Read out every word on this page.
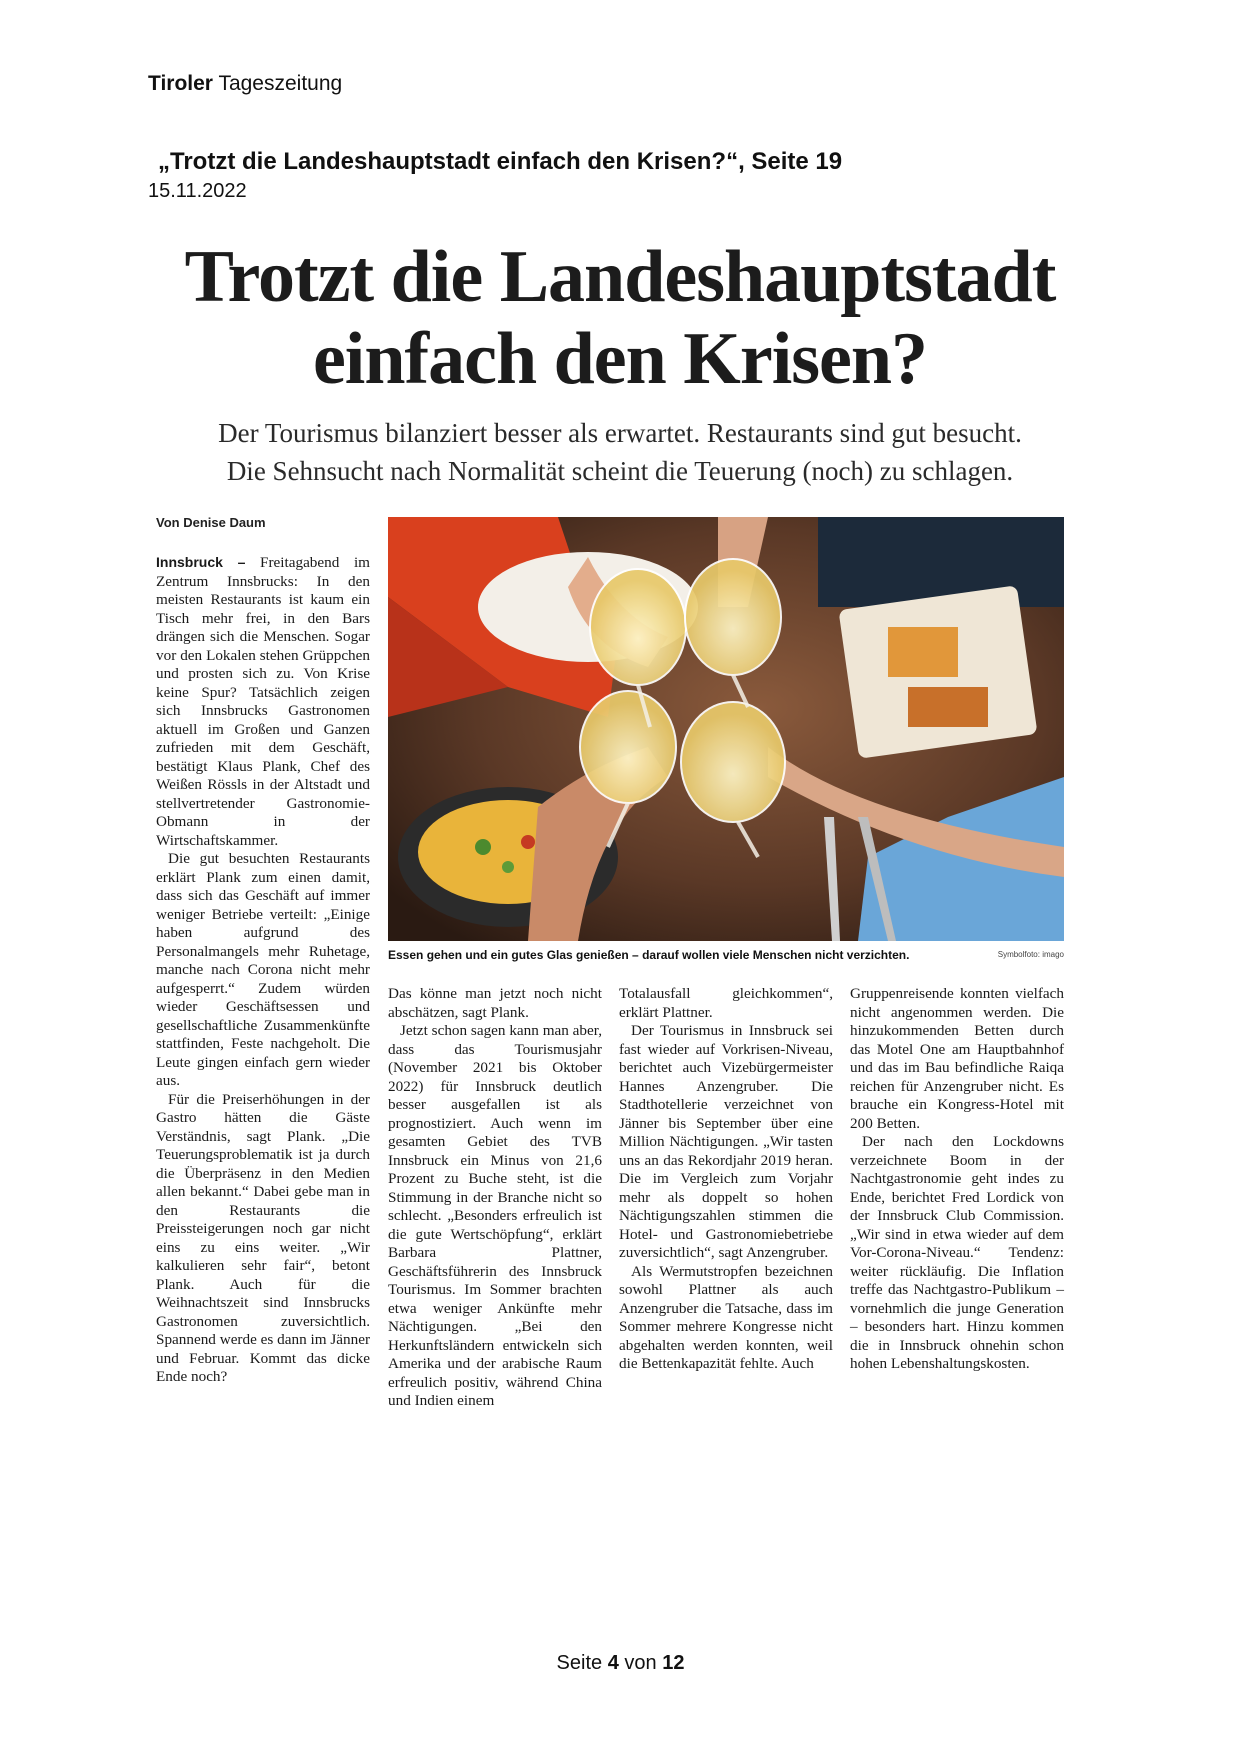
Tiroler Tageszeitung
„Trotzt die Landeshauptstadt einfach den Krisen?“, Seite 19
15.11.2022
Trotzt die Landeshauptstadt
einfach den Krisen?
Der Tourismus bilanziert besser als erwartet. Restaurants sind gut besucht.
Die Sehnsucht nach Normalität scheint die Teuerung (noch) zu schlagen.
Von Denise Daum

Innsbruck – Freitagabend im Zentrum Innsbrucks: In den meisten Restaurants ist kaum ein Tisch mehr frei, in den Bars drängen sich die Menschen. Sogar vor den Lokalen stehen Grüppchen und prosten sich zu. Von Krise keine Spur? Tatsächlich zeigen sich Innsbrucks Gastronomen aktuell im Großen und Ganzen zufrieden mit dem Geschäft, bestätigt Klaus Plank, Chef des Weißen Rössls in der Altstadt und stellvertretender Gastronomie-Obmann in der Wirtschaftskammer.

Die gut besuchten Restaurants erklärt Plank zum einen damit, dass sich das Geschäft auf immer weniger Betriebe verteilt: „Einige haben aufgrund des Personalmangels mehr Ruhetage, manche nach Corona nicht mehr aufgesperrt.“ Zudem würden wieder Geschäftsessen und gesellschaftliche Zusammenkünfte stattfinden, Feste nachgeholt. Die Leute gingen einfach gern wieder aus.

Für die Preiserhöhungen in der Gastro hätten die Gäste Verständnis, sagt Plank. „Die Teuerungsproblematik ist ja durch die Überpräsenz in den Medien allen bekannt.“ Dabei gebe man in den Restaurants die Preissteigerungen noch gar nicht eins zu eins weiter. „Wir kalkulieren sehr fair“, betont Plank. Auch für die Weihnachtszeit sind Innsbrucks Gastronomen zuversichtlich. Spannend werde es dann im Jänner und Februar. Kommt das dicke Ende noch?

Essen gehen und ein gutes Glas genießen – darauf wollen viele Menschen nicht verzichten.	Symbolfoto: imago

Das könne man jetzt noch nicht abschätzen, sagt Plank.

Jetzt schon sagen kann man aber, dass das Tourismusjahr (November 2021 bis Oktober 2022) für Innsbruck deutlich besser ausgefallen ist als prognostiziert. Auch wenn im gesamten Gebiet des TVB Innsbruck ein Minus von 21,6 Prozent zu Buche steht, ist die Stimmung in der Branche nicht so schlecht. „Besonders erfreulich ist die gute Wertschöpfung“, erklärt Barbara Plattner, Geschäftsführerin des Innsbruck Tourismus. Im Sommer brachten etwa weniger Ankünfte mehr Nächtigungen. „Bei den Herkunftsländern entwickeln sich Amerika und der arabische Raum erfreulich positiv, während China und Indien einem

Totalausfall gleichkommen“, erklärt Plattner.

Der Tourismus in Innsbruck sei fast wieder auf Vorkrisen-Niveau, berichtet auch Vizebürgermeister Hannes Anzengruber. Die Stadthotellerie verzeichnet von Jänner bis September über eine Million Nächtigungen. „Wir tasten uns an das Rekordjahr 2019 heran. Die im Vergleich zum Vorjahr mehr als doppelt so hohen Nächtigungszahlen stimmen die Hotel- und Gastronomiebetriebe zuversichtlich“, sagt Anzengruber.

Als Wermutstropfen bezeichnen sowohl Plattner als auch Anzengruber die Tatsache, dass im Sommer mehrere Kongresse nicht abgehalten werden konnten, weil die Bettenkapazität fehlte. Auch

Gruppenreisende konnten vielfach nicht angenommen werden. Die hinzukommenden Betten durch das Motel One am Hauptbahnhof und das im Bau befindliche Raiqa reichen für Anzengruber nicht. Es brauche ein Kongress-Hotel mit 200 Betten.

Der nach den Lockdowns verzeichnete Boom in der Nachtgastronomie geht indes zu Ende, berichtet Fred Lordick von der Innsbruck Club Commission. „Wir sind in etwa wieder auf dem Vor-Corona-Niveau.“ Tendenz: weiter rückläufig. Die Inflation treffe das Nachtgastro-Publikum – vornehmlich die junge Generation – besonders hart. Hinzu kommen die in Innsbruck ohnehin schon hohen Lebenshaltungskosten.

Seite 4 von 12
